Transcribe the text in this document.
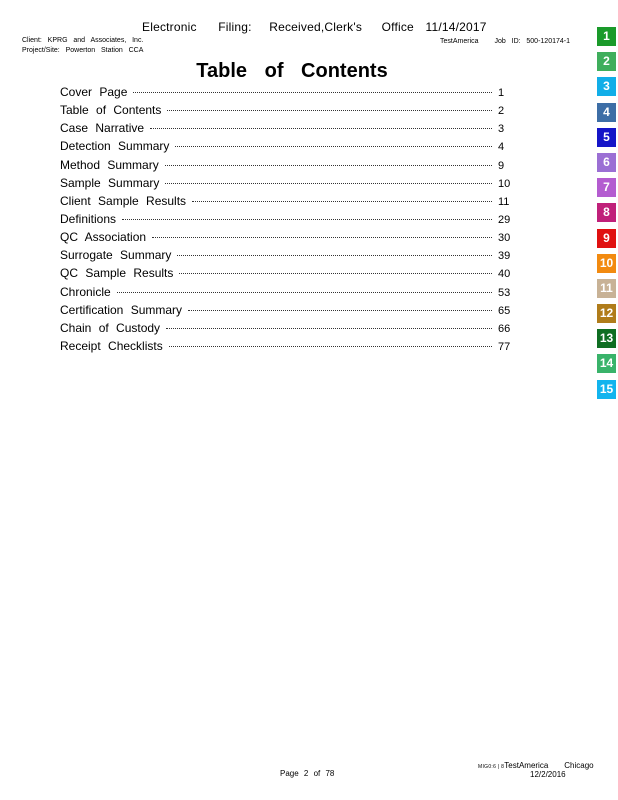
Electronic Filing: Received,Clerk's Office 11/14/2017
Client:   KPRG   and   Associates,   Inc.
Project/Site:   Powerton   Station   CCA
TestAmerica Job   ID:   500-120174-1
Table of Contents
Cover Page	1
Table of Contents	2
Case Narrative	3
Detection Summary	4
Method Summary	9
Sample Summary	10
Client Sample Results	11
Definitions	29
QC Association	30
Surrogate Summary	39
QC Sample Results	40
Chronicle	53
Certification Summary	65
Chain of Custody	66
Receipt Checklists	77
1
2
3
4
5
6
7
8
9
10
11
12
13
14
15
Page 2 of 78
MIG0:6 | 8TestAmerica Chicago
12/2/2016
